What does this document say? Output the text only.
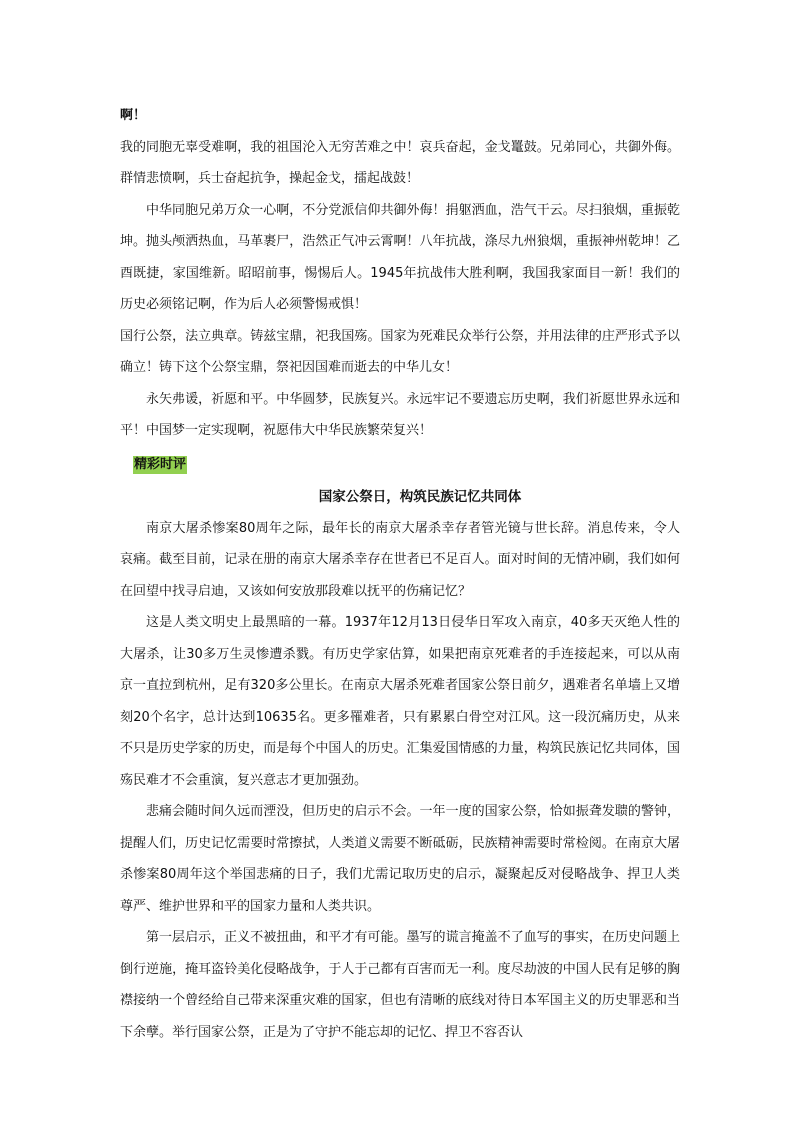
啊！

我的同胞无辜受难啊，我的祖国沦入无穷苦难之中！哀兵奋起，金戈鼍鼓。兄弟同心，共御外侮。群情悲愤啊，兵士奋起抗争，操起金戈，擂起战鼓！

中华同胞兄弟万众一心啊，不分党派信仰共御外侮！捐躯洒血，浩气干云。尽扫狼烟，重振乾坤。抛头颅洒热血，马革裹尸，浩然正气冲云霄啊！八年抗战，涤尽九州狼烟，重振神州乾坤！乙酉既捷，家国维新。昭昭前事，惕惕后人。1945年抗战伟大胜利啊，我国我家面目一新！我们的历史必须铭记啊，作为后人必须警惕戒惧！

国行公祭，法立典章。铸兹宝鼎，祀我国殇。国家为死难民众举行公祭，并用法律的庄严形式予以确立！铸下这个公祭宝鼎，祭祀因国难而逝去的中华儿女！

永矢弗谖，祈愿和平。中华圆梦，民族复兴。永远牢记不要遗忘历史啊，我们祈愿世界永远和平！中国梦一定实现啊，祝愿伟大中华民族繁荣复兴！

精彩时评
国家公祭日，构筑民族记忆共同体

南京大屠杀惨案80周年之际，最年长的南京大屠杀幸存者管光镜与世长辞。消息传来，令人哀痛。截至目前，记录在册的南京大屠杀幸存在世者已不足百人。面对时间的无情冲刷，我们如何在回望中找寻启迪，又该如何安放那段难以抚平的伤痛记忆？

这是人类文明史上最黑暗的一幕。1937年12月13日侵华日军攻入南京，40多天灭绝人性的大屠杀，让30多万生灵惨遭杀戮。有历史学家估算，如果把南京死难者的手连接起来，可以从南京一直拉到杭州，足有320多公里长。在南京大屠杀死难者国家公祭日前夕，遇难者名单墙上又增刻20个名字，总计达到10635名。更多罹难者，只有累累白骨空对江风。这一段沉痛历史，从来不只是历史学家的历史，而是每个中国人的历史。汇集爱国情感的力量，构筑民族记忆共同体，国殇民难才不会重演，复兴意志才更加强劲。

悲痛会随时间久远而湮没，但历史的启示不会。一年一度的国家公祭，恰如振聋发聩的警钟，提醒人们，历史记忆需要时常擦拭，人类道义需要不断砥砺，民族精神需要时常检阅。在南京大屠杀惨案80周年这个举国悲痛的日子，我们尤需记取历史的启示，凝聚起反对侵略战争、捍卫人类尊严、维护世界和平的国家力量和人类共识。

第一层启示，正义不被扭曲，和平才有可能。墨写的谎言掩盖不了血写的事实，在历史问题上倒行逆施，掩耳盗铃美化侵略战争，于人于己都有百害而无一利。度尽劫波的中国人民有足够的胸襟接纳一个曾经给自己带来深重灾难的国家，但也有清晰的底线对待日本军国主义的历史罪恶和当下余孽。举行国家公祭，正是为了守护不能忘却的记忆、捍卫不容否认
